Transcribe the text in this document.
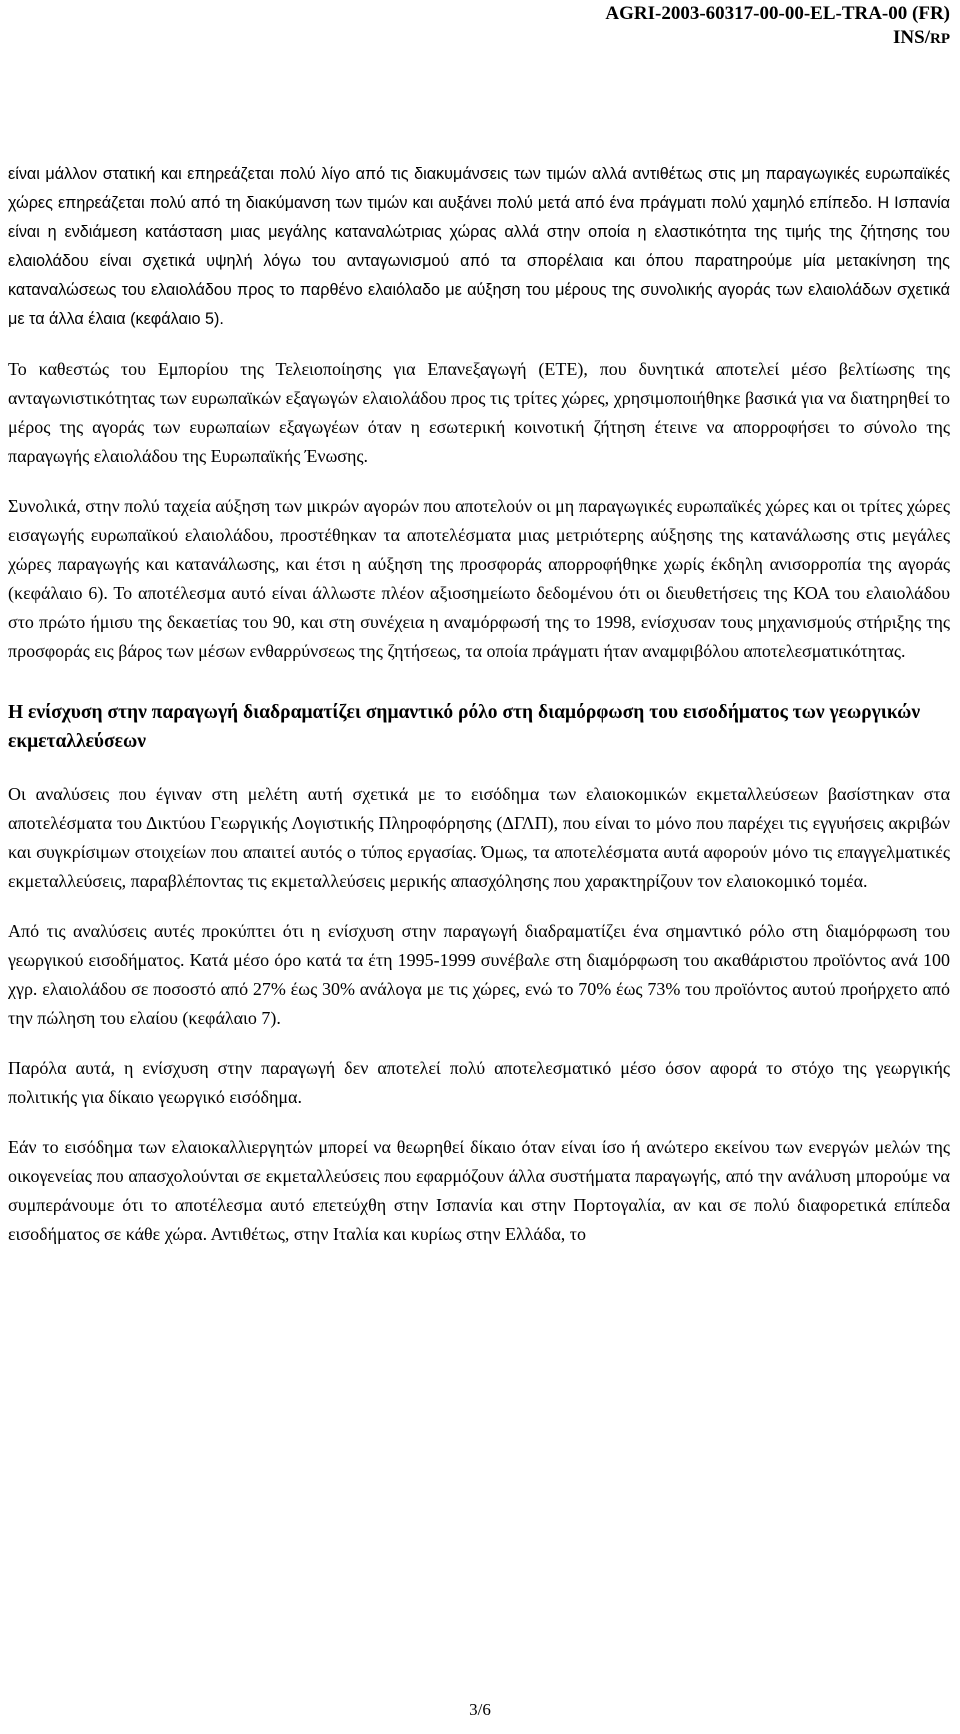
AGRI-2003-60317-00-00-EL-TRA-00 (FR)
INS/RP

είναι μάλλον στατική και επηρεάζεται πολύ λίγο από τις διακυμάνσεις των τιμών αλλά αντιθέτως στις μη παραγωγικές ευρωπαϊκές χώρες επηρεάζεται πολύ από τη διακύμανση των τιμών και αυξάνει πολύ μετά από ένα πράγματι πολύ χαμηλό επίπεδο. Η Ισπανία είναι η ενδιάμεση κατάσταση μιας μεγάλης καταναλώτριας χώρας αλλά στην οποία η ελαστικότητα της τιμής της ζήτησης του ελαιολάδου είναι σχετικά υψηλή λόγω του ανταγωνισμού από τα σπορέλαια και όπου παρατηρούμε μία μετακίνηση της καταναλώσεως του ελαιολάδου προς το παρθένο ελαιόλαδο με αύξηση του μέρους της συνολικής αγοράς των ελαιολάδων σχετικά με τα άλλα έλαια (κεφάλαιο 5).

Το καθεστώς του Εμπορίου της Τελειοποίησης για Επανεξαγωγή (ΕΤΕ), που δυνητικά αποτελεί μέσο βελτίωσης της ανταγωνιστικότητας των ευρωπαϊκών εξαγωγών ελαιολάδου προς τις τρίτες χώρες, χρησιμοποιήθηκε βασικά για να διατηρηθεί το μέρος της αγοράς των ευρωπαίων εξαγωγέων όταν η εσωτερική κοινοτική ζήτηση έτεινε να απορροφήσει το σύνολο της παραγωγής ελαιολάδου της Ευρωπαϊκής Ένωσης.

Συνολικά, στην πολύ ταχεία αύξηση των μικρών αγορών που αποτελούν οι μη παραγωγικές ευρωπαϊκές χώρες και οι τρίτες χώρες εισαγωγής ευρωπαϊκού ελαιολάδου, προστέθηκαν τα αποτελέσματα μιας μετριότερης αύξησης της κατανάλωσης στις μεγάλες χώρες παραγωγής και κατανάλωσης, και έτσι η αύξηση της προσφοράς απορροφήθηκε χωρίς έκδηλη ανισορροπία της αγοράς (κεφάλαιο 6). Το αποτέλεσμα αυτό είναι άλλωστε πλέον αξιοσημείωτο δεδομένου ότι οι διευθετήσεις της ΚΟΑ του ελαιολάδου στο πρώτο ήμισυ της δεκαετίας του 90, και στη συνέχεια η αναμόρφωσή της το 1998, ενίσχυσαν τους μηχανισμούς στήριξης της προσφοράς εις βάρος των μέσων ενθαρρύνσεως της ζητήσεως, τα οποία πράγματι ήταν αναμφιβόλου αποτελεσματικότητας.

Η ενίσχυση στην παραγωγή διαδραματίζει σημαντικό ρόλο στη διαμόρφωση του εισοδήματος των γεωργικών εκμεταλλεύσεων

Οι αναλύσεις που έγιναν στη μελέτη αυτή σχετικά με το εισόδημα των ελαιοκομικών εκμεταλλεύσεων βασίστηκαν στα αποτελέσματα του Δικτύου Γεωργικής Λογιστικής Πληροφόρησης (ΔΓΛΠ), που είναι το μόνο που παρέχει τις εγγυήσεις ακριβών και συγκρίσιμων στοιχείων που απαιτεί αυτός ο τύπος εργασίας. Όμως, τα αποτελέσματα αυτά αφορούν μόνο τις επαγγελματικές εκμεταλλεύσεις, παραβλέποντας τις εκμεταλλεύσεις μερικής απασχόλησης που χαρακτηρίζουν τον ελαιοκομικό τομέα.

Από τις αναλύσεις αυτές προκύπτει ότι η ενίσχυση στην παραγωγή διαδραματίζει ένα σημαντικό ρόλο στη διαμόρφωση του γεωργικού εισοδήματος. Κατά μέσο όρο κατά τα έτη 1995-1999 συνέβαλε στη διαμόρφωση του ακαθάριστου προϊόντος ανά 100 χγρ. ελαιολάδου σε ποσοστό από 27% έως 30% ανάλογα με τις χώρες, ενώ το 70% έως 73% του προϊόντος αυτού προήρχετο από την πώληση του ελαίου (κεφάλαιο 7).

Παρόλα αυτά, η ενίσχυση στην παραγωγή δεν αποτελεί πολύ αποτελεσματικό μέσο όσον αφορά το στόχο της γεωργικής πολιτικής για δίκαιο γεωργικό εισόδημα.

Εάν το εισόδημα των ελαιοκαλλιεργητών μπορεί να θεωρηθεί δίκαιο όταν είναι ίσο ή ανώτερο εκείνου των ενεργών μελών της οικογενείας που απασχολούνται σε εκμεταλλεύσεις που εφαρμόζουν άλλα συστήματα παραγωγής, από την ανάλυση μπορούμε να συμπεράνουμε ότι το αποτέλεσμα αυτό επετεύχθη στην Ισπανία και στην Πορτογαλία, αν και σε πολύ διαφορετικά επίπεδα εισοδήματος σε κάθε χώρα. Αντιθέτως, στην Ιταλία και κυρίως στην Ελλάδα, το

3/6
